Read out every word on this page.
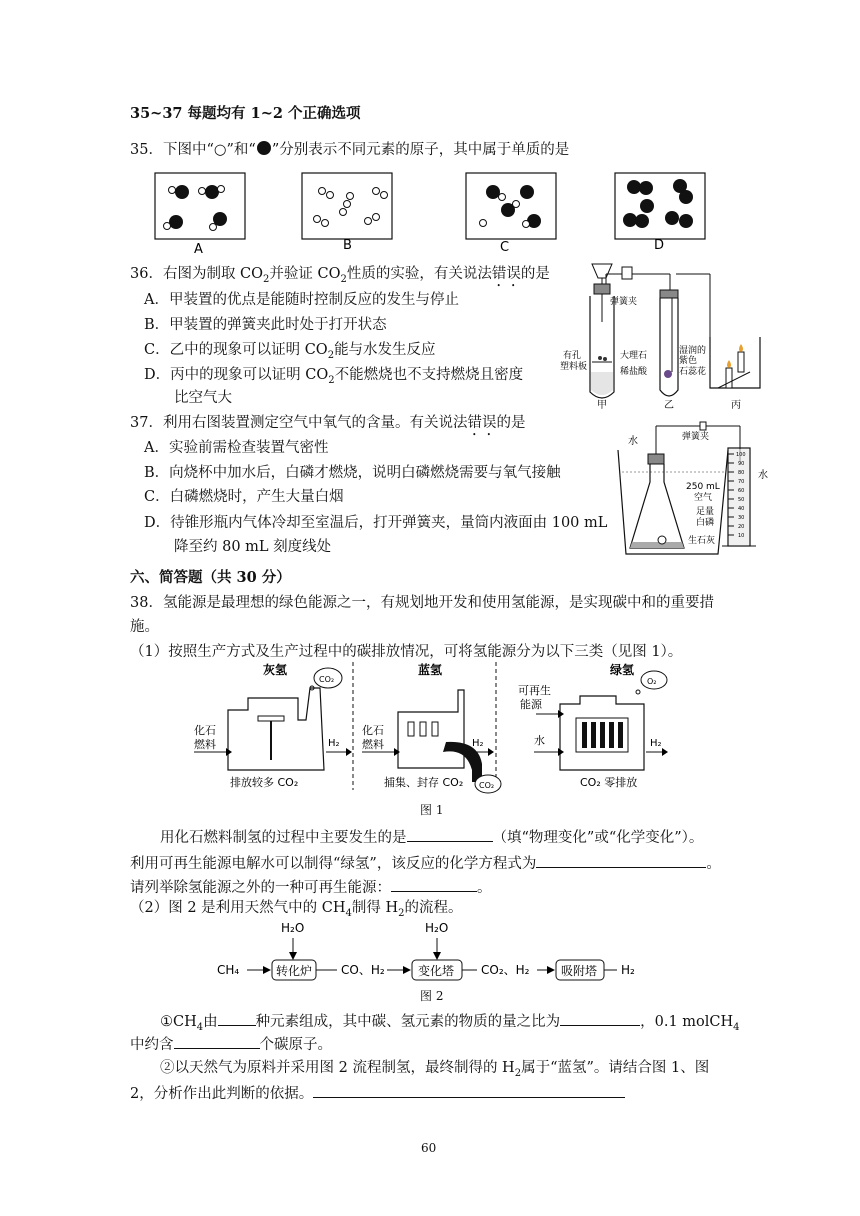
35~37 每题均有 1~2 个正确选项
35．下图中“○”和“ ”分别表示不同元素的原子，其中属于单质的是
A	B	C	D
36．右图为制取 $CO_2$并验证 $CO_2$性质的实验，有关说法错误的是
A．甲装置的优点是能随时控制反应的发生与停止
B．甲装置的弹簧夹此时处于打开状态
C．乙中的现象可以证明 $CO_2$能与水发生反应
D．丙中的现象可以证明 $CO_2$不能燃烧也不支持燃烧且密度
比空气大
弹簧夹
有孔
塑料板
大理石
稀盐酸
湿润的
紫色
石蕊花
甲	乙	丙
37．利用右图装置测定空气中氧气的含量。有关说法错误的是
A．实验前需检查装置气密性
B．向烧杯中加水后，白磷才燃烧，说明白磷燃烧需要与氧气接触
C．白磷燃烧时，产生大量白烟
D．待锥形瓶内气体冷却至室温后，打开弹簧夹，量筒内液面由 100 mL
降至约 80 mL 刻度线处
100
90
80
70
60
50
40
30
20
10
水	弹簧夹
250 mL
空气
足量
白磷
生石灰
水
六、简答题（共 30 分）
38．氢能源是最理想的绿色能源之一，有规划地开发和使用氢能源，是实现碳中和的重要措
施。
（1）按照生产方式及生产过程中的碳排放情况，可将氢能源分为以下三类（见图 1）。
灰氢	蓝氢	绿氢
CO₂
化石
燃料	H₂
排放较多 CO₂	CO₂
化石
燃料	H₂
捕集、封存 CO₂
O₂
可再生
能源
水	H₂
CO₂ 零排放
图 1
用化石燃料制氢的过程中主要发生的是	（填“物理变化”或“化学变化”）。
利用可再生能源电解水可以制得“绿氢”，该反应的化学方程式为	。
请列举除氢能源之外的一种可再生能源：	。
（2）图 2 是利用天然气中的 $CH_4$制得 $H_2$的流程。
H₂O	H₂O
CH₄	转化炉 CO、H₂	变化塔 CO₂、H₂	吸附塔 H₂
图 2
$①CH_4$由	种元素组成，其中碳、氢元素的物质的量之比为	，0.1 molCH$_4$
中约含	个碳原子。
②以天然气为原料并采用图 2 流程制氢，最终制得的 $H_2$属于“蓝氢”。请结合图 1、图
2，分析作出此判断的依据。
60
